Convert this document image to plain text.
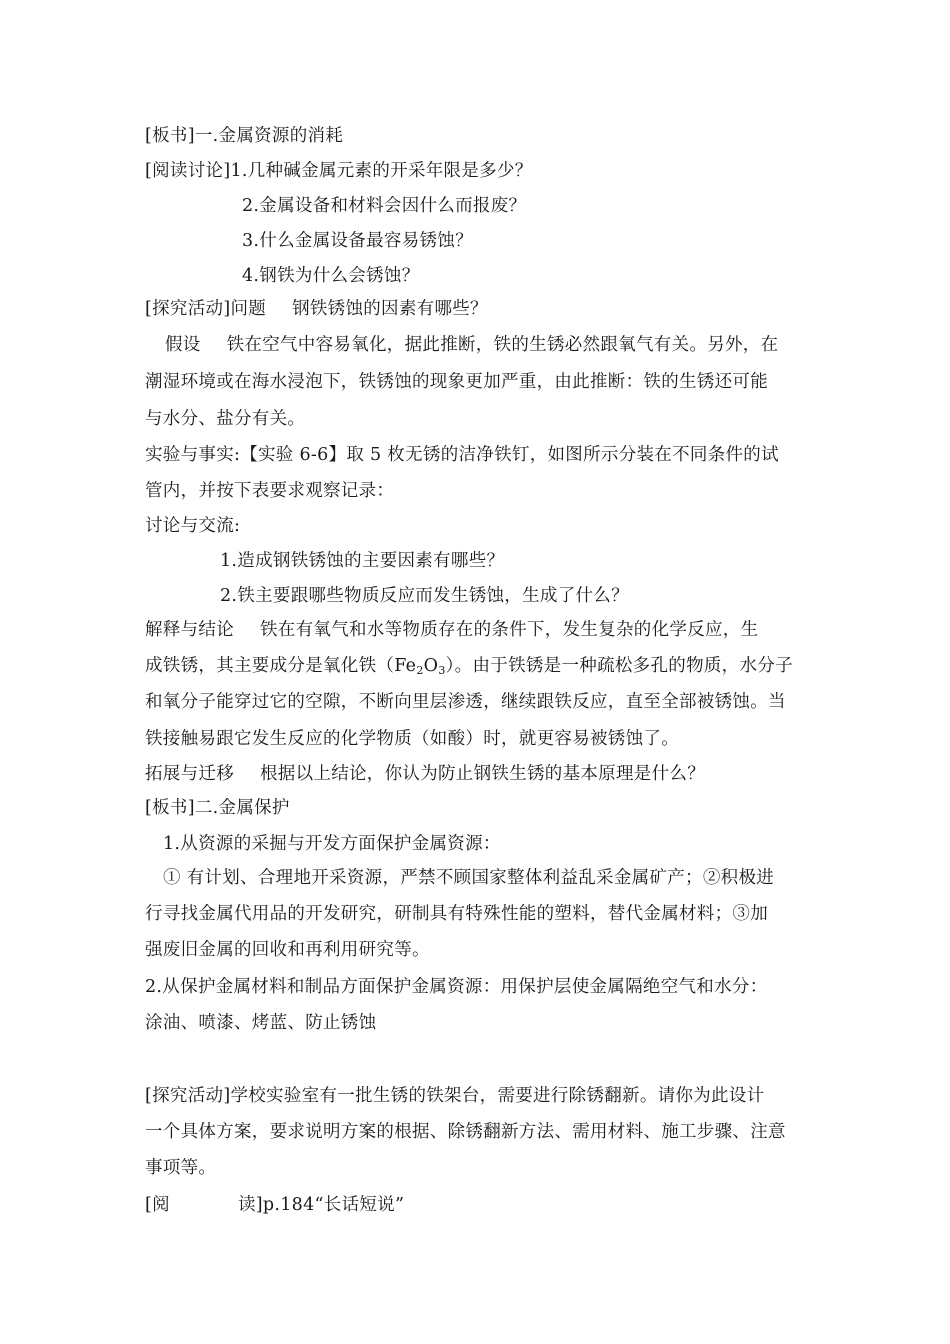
[板书]一.金属资源的消耗
[阅读讨论]1.几种碱金属元素的开采年限是多少？
2.金属设备和材料会因什么而报废？
3.什么金属设备最容易锈蚀？
4.钢铁为什么会锈蚀？
[探究活动]问题 钢铁锈蚀的因素有哪些？
假设 铁在空气中容易氧化，据此推断，铁的生锈必然跟氧气有关。另外，在
潮湿环境或在海水浸泡下，铁锈蚀的现象更加严重，由此推断：铁的生锈还可能
与水分、盐分有关。
实验与事实:【实验 6-6】取 5 枚无锈的洁净铁钉，如图所示分装在不同条件的试
管内，并按下表要求观察记录：
讨论与交流:
1.造成钢铁锈蚀的主要因素有哪些？
2.铁主要跟哪些物质反应而发生锈蚀，生成了什么？
解释与结论 铁在有氧气和水等物质存在的条件下，发生复杂的化学反应，生
成铁锈，其主要成分是氧化铁$(Fe_2O_3)$。由于铁锈是一种疏松多孔的物质，水分子
和氧分子能穿过它的空隙，不断向里层渗透，继续跟铁反应，直至全部被锈蚀。当
铁接触易跟它发生反应的化学物质（如酸）时，就更容易被锈蚀了。
拓展与迁移 根据以上结论，你认为防止钢铁生锈的基本原理是什么？
[板书]二.金属保护
1.从资源的采掘与开发方面保护金属资源：
① 有计划、合理地开采资源，严禁不顾国家整体利益乱采金属矿产；②积极进
行寻找金属代用品的开发研究，研制具有特殊性能的塑料，替代金属材料；③加
强废旧金属的回收和再利用研究等。
2.从保护金属材料和制品方面保护金属资源：用保护层使金属隔绝空气和水分：
涂油、喷漆、烤蓝、防止锈蚀
[探究活动]学校实验室有一批生锈的铁架台，需要进行除锈翻新。请你为此设计
一个具体方案，要求说明方案的根据、除锈翻新方法、需用材料、施工步骤、注意
事项等。
[阅	读]p.184“长话短说”
